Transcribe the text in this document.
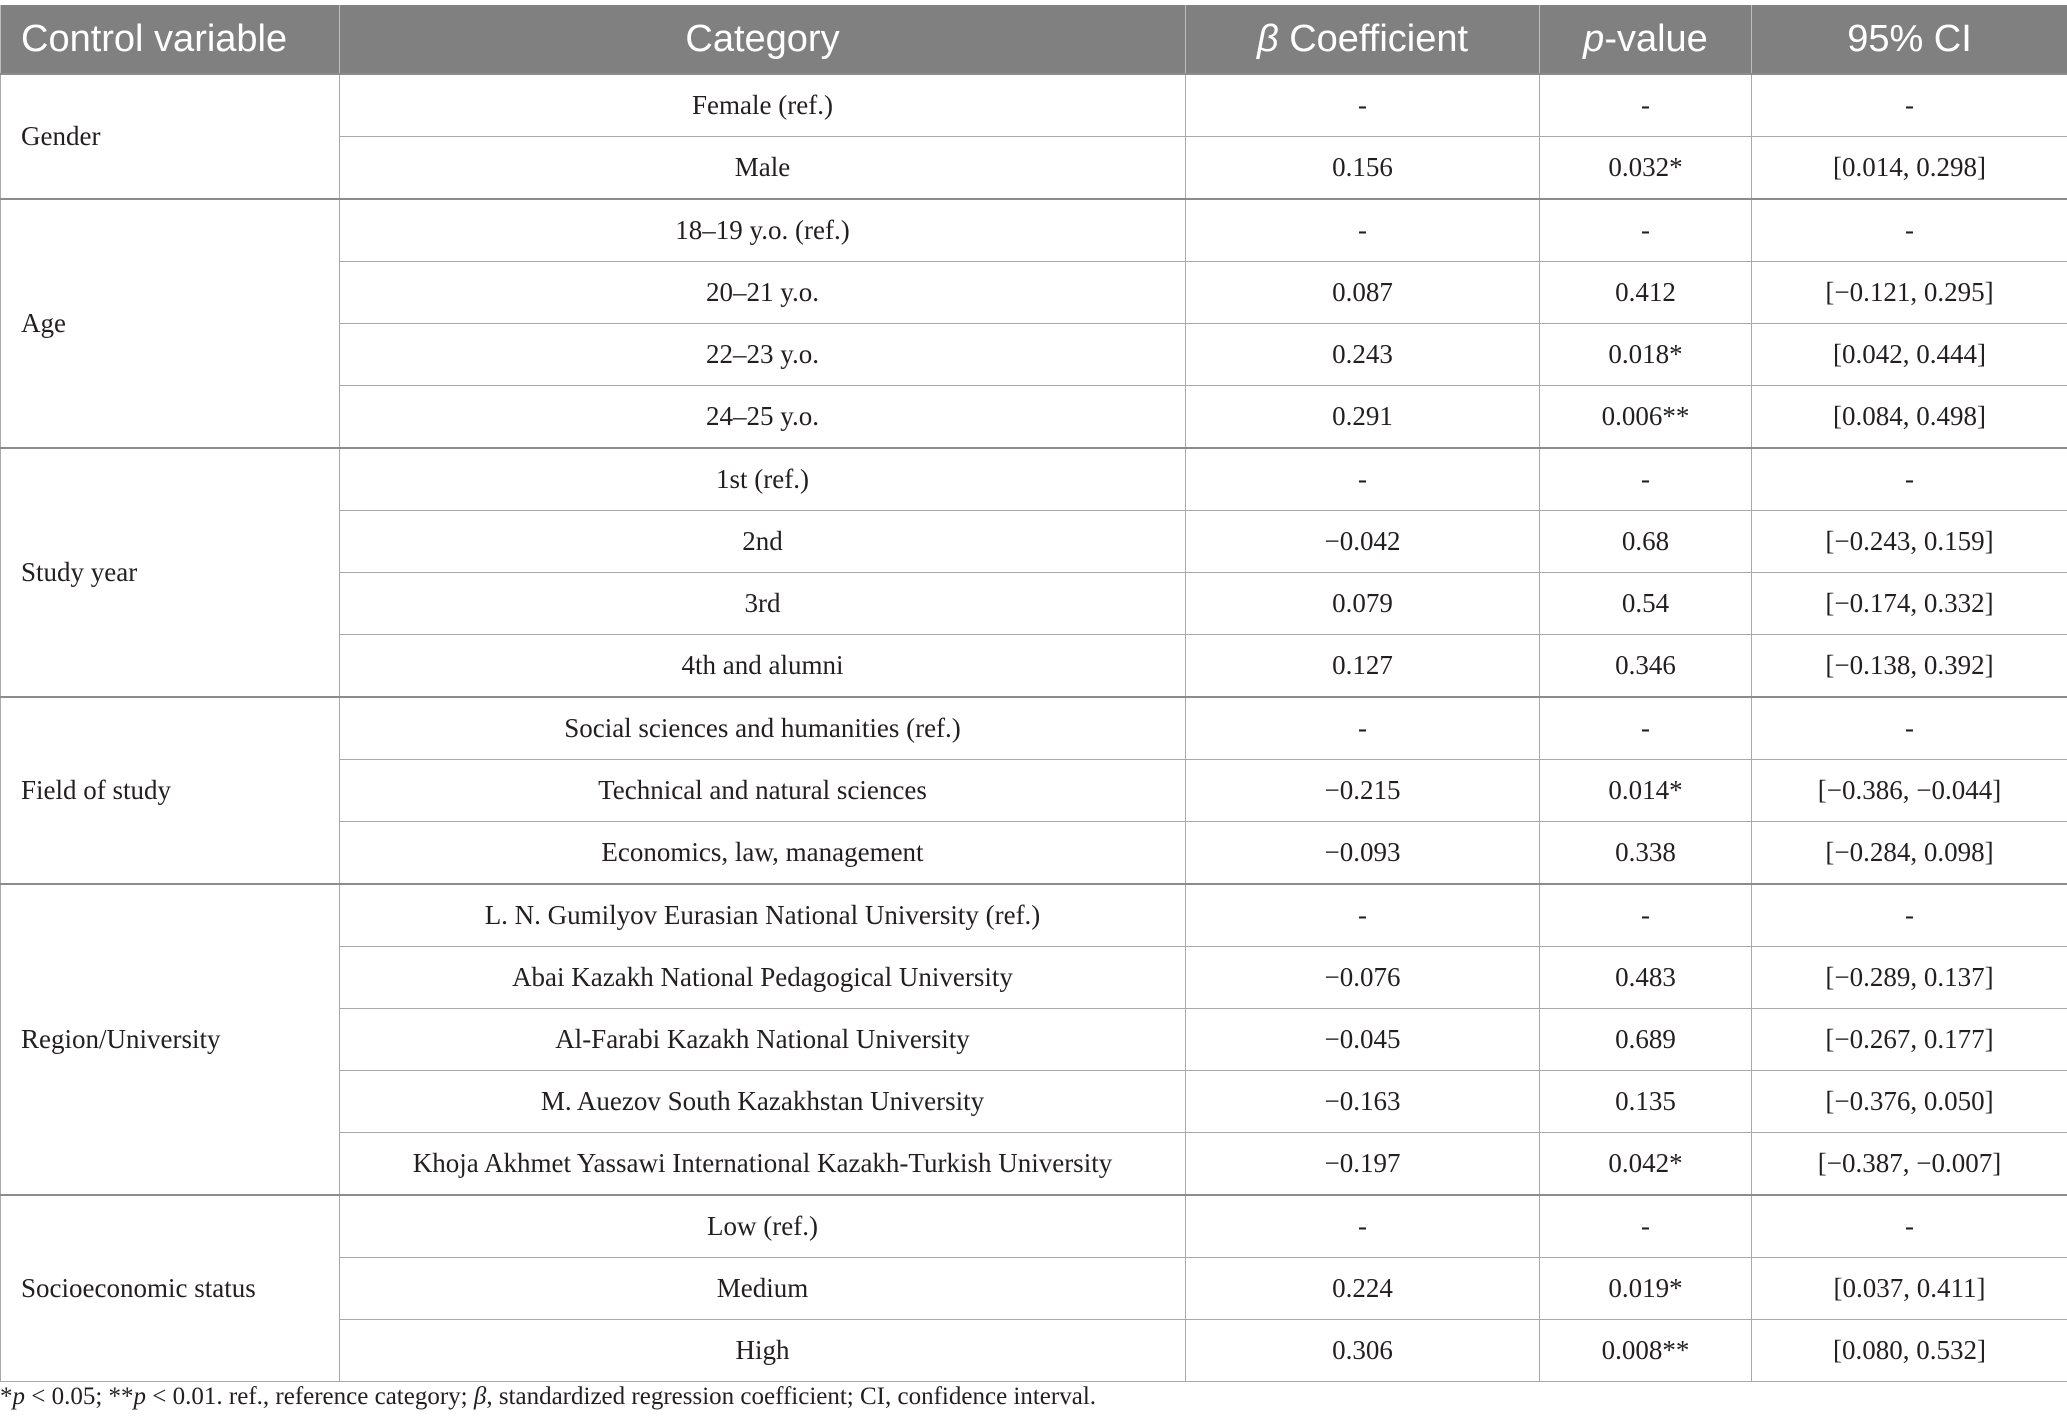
Control variable	Category	β Coefficient	p-value	95% CI
Gender	Female (ref.)	-	-	-
	Male	0.156	0.032*	[0.014, 0.298]
Age	18–19 y.o. (ref.)	-	-	-
	20–21 y.o.	0.087	0.412	[−0.121, 0.295]
	22–23 y.o.	0.243	0.018*	[0.042, 0.444]
	24–25 y.o.	0.291	0.006**	[0.084, 0.498]
Study year	1st (ref.)	-	-	-
	2nd	−0.042	0.68	[−0.243, 0.159]
	3rd	0.079	0.54	[−0.174, 0.332]
	4th and alumni	0.127	0.346	[−0.138, 0.392]
Field of study	Social sciences and humanities (ref.)	-	-	-
	Technical and natural sciences	−0.215	0.014*	[−0.386, −0.044]
	Economics, law, management	−0.093	0.338	[−0.284, 0.098]
Region/University	L. N. Gumilyov Eurasian National University (ref.)	-	-	-
	Abai Kazakh National Pedagogical University	−0.076	0.483	[−0.289, 0.137]
	Al-Farabi Kazakh National University	−0.045	0.689	[−0.267, 0.177]
	M. Auezov South Kazakhstan University	−0.163	0.135	[−0.376, 0.050]
	Khoja Akhmet Yassawi International Kazakh-Turkish University	−0.197	0.042*	[−0.387, −0.007]
Socioeconomic status	Low (ref.)	-	-	-
	Medium	0.224	0.019*	[0.037, 0.411]
	High	0.306	0.008**	[0.080, 0.532]
*p < 0.05; **p < 0.01. ref., reference category; β, standardized regression coefficient; CI, confidence interval.
